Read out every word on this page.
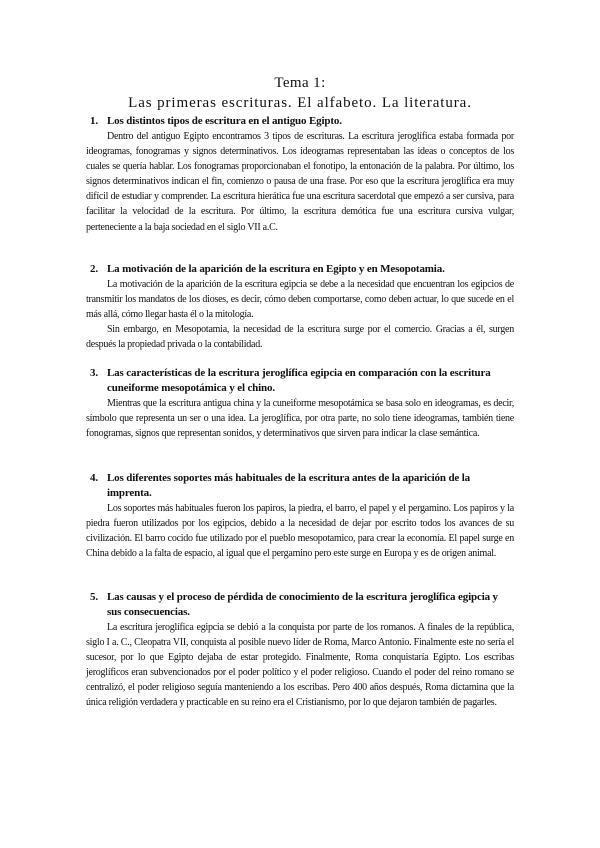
Tema 1:
Las primeras escrituras. El alfabeto. La literatura.
1. Los distintos tipos de escritura en el antiguo Egipto.

Dentro del antiguo Egipto encontramos 3 tipos de escrituras. La escritura jeroglífica estaba formada por ideogramas, fonogramas y signos determinativos. Los ideogramas representaban las ideas o conceptos de los cuales se quería hablar. Los fonogramas proporcionaban el fonotipo, la entonación de la palabra. Por último, los signos determinativos indican el fin, comienzo o pausa de una frase. Por eso que la escritura jeroglífica era muy difícil de estudiar y comprender. La escritura hierática fue una escritura sacerdotal que empezó a ser cursiva, para facilitar la velocidad de la escritura. Por último, la escritura demótica fue una escritura cursiva vulgar, perteneciente a la baja sociedad en el siglo VII a.C.

2. La motivación de la aparición de la escritura en Egipto y en Mesopotamia.

La motivación de la aparición de la escritura egipcia se debe a la necesidad que encuentran los egipcios de transmitir los mandatos de los dioses, es decir, cómo deben comportarse, como deben actuar, lo que sucede en el más allá, cómo llegar hasta él o la mitología.

Sin embargo, en Mesopotamia, la necesidad de la escritura surge por el comercio. Gracias a él, surgen después la propiedad privada o la contabilidad.

3. Las características de la escritura jeroglífica egipcia en comparación con la escritura cuneiforme mesopotámica y el chino.

Mientras que la escritura antigua china y la cuneiforme mesopotámica se basa solo en ideogramas, es decir, símbolo que representa un ser o una idea. La jeroglífica, por otra parte, no solo tiene ideogramas, también tiene fonogramas, signos que representan sonidos, y determinativos que sirven para indicar la clase semántica.

4. Los diferentes soportes más habituales de la escritura antes de la aparición de la imprenta.

Los soportes más habituales fueron los papiros, la piedra, el barro, el papel y el pergamino. Los papiros y la piedra fueron utilizados por los egipcios, debido a la necesidad de dejar por escrito todos los avances de su civilización. El barro cocido fue utilizado por el pueblo mesopotamico, para crear la economía. El papel surge en China debido a la falta de espacio, al igual que el pergamino pero este surge en Europa y es de origen animal.

5. Las causas y el proceso de pérdida de conocimiento de la escritura jeroglífica egipcia y sus consecuencias.

La escritura jeroglífica egipcia se debió a la conquista por parte de los romanos. A finales de la república, siglo I a. C., Cleopatra VII, conquista al posible nuevo líder de Roma, Marco Antonio. Finalmente este no sería el sucesor, por lo que Egipto dejaba de estar protegido. Finalmente, Roma conquistaría Egipto. Los escribas jeroglíficos eran subvencionados por el poder político y el poder religioso. Cuando el poder del reino romano se centralizó, el poder religioso seguía manteniendo a los escribas. Pero 400 años después, Roma dictamina que la única religión verdadera y practicable en su reino era el Cristianismo, por lo que dejaron también de pagarles.
